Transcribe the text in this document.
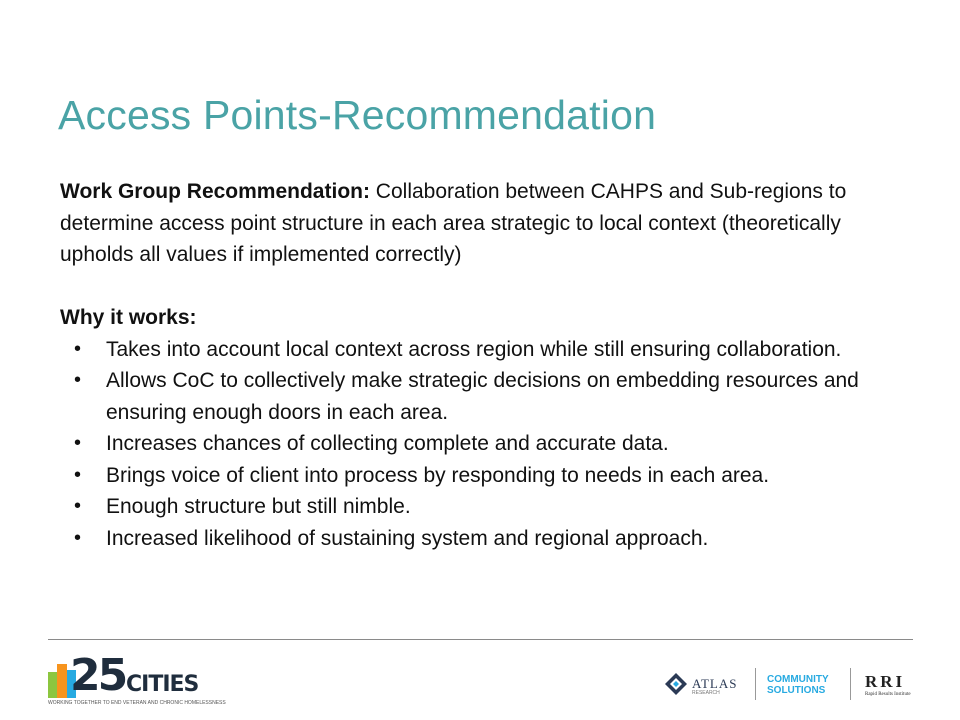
Access Points-Recommendation
Work Group Recommendation: Collaboration between CAHPS and Sub-regions to determine access point structure in each area strategic to local context (theoretically upholds all values if implemented correctly)
Why it works:
• Takes into account local context across region while still ensuring collaboration.
• Allows CoC to collectively make strategic decisions on embedding resources and ensuring enough doors in each area.
• Increases chances of collecting complete and accurate data.
• Brings voice of client into process by responding to needs in each area.
• Enough structure but still nimble.
• Increased likelihood of sustaining system and regional approach.
25 CITIES
WORKING TOGETHER TO END VETERAN AND CHRONIC HOMELESSNESS
ATLAS
RESEARCH
COMMUNITY
SOLUTIONS RRI
Rapid Results Institute
